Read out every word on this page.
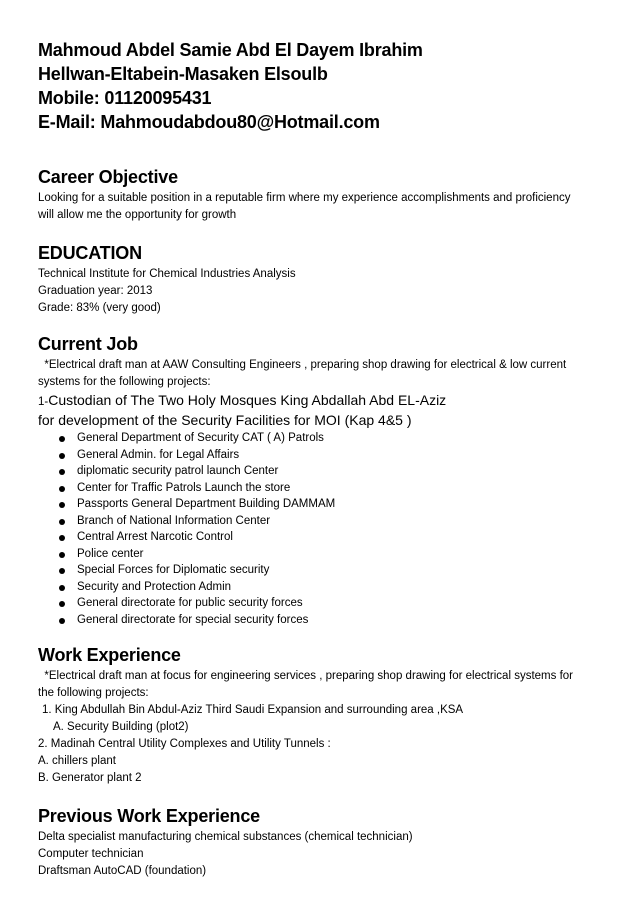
Mahmoud Abdel Samie Abd El Dayem Ibrahim
Hellwan-Eltabein-Masaken Elsoulb
Mobile: 01120095431
E-Mail: Mahmoudabdou80@Hotmail.com
Career Objective
Looking for a suitable position in a reputable firm where my experience accomplishments and proficiency
will allow me the opportunity for growth
EDUCATION
Technical Institute for Chemical Industries Analysis
Graduation year: 2013
Grade: 83% (very good)
Current Job
*Electrical draft man at AAW Consulting Engineers , preparing shop drawing for electrical & low current
systems for the following projects:
1-Custodian of The Two Holy Mosques King Abdallah Abd EL-Aziz
for development of the Security Facilities for MOI (Kap 4&5 )
General Department of Security CAT ( A) Patrols
General Admin. for Legal Affairs
diplomatic security patrol launch Center
Center for Traffic Patrols Launch the store
Passports General Department Building DAMMAM
Branch of National Information Center
Central Arrest Narcotic Control
Police center
Special Forces for Diplomatic security
Security and Protection Admin
General directorate for public security forces
General directorate for special security forces
Work Experience
*Electrical draft man at focus for engineering services , preparing shop drawing for electrical systems for
the following projects:
1. King Abdullah Bin Abdul-Aziz Third Saudi Expansion and surrounding area ,KSA
A. Security Building (plot2)
2. Madinah Central Utility Complexes and Utility Tunnels :
A. chillers plant
B. Generator plant 2
Previous Work Experience
Delta specialist manufacturing chemical substances (chemical technician)
Computer technician
Draftsman AutoCAD (foundation)
